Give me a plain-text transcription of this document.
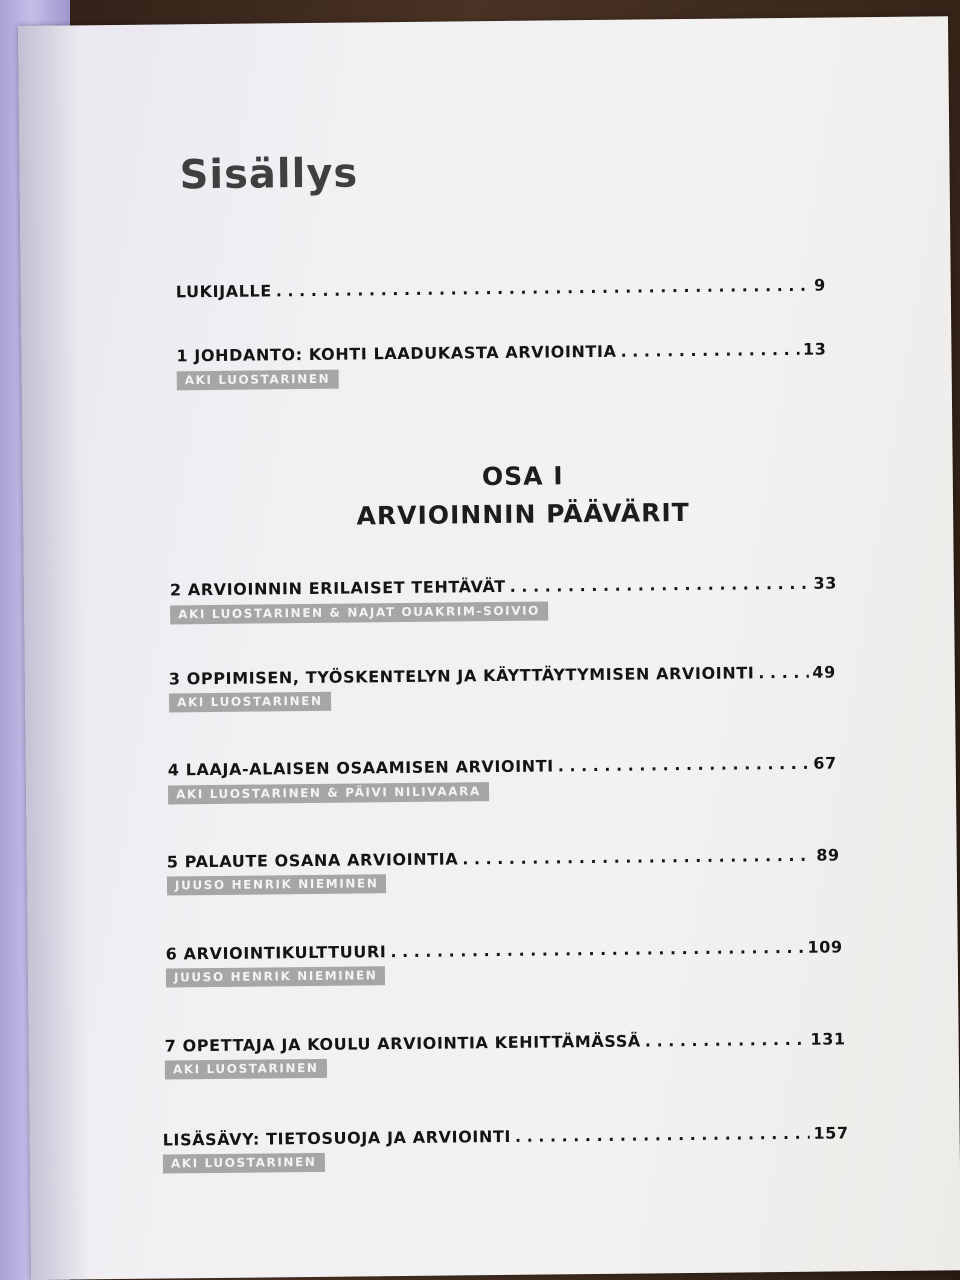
Sisällys
LUKIJALLE . . .	9
1 JOHDANTO: KOHTI LAADUKASTA ARVIOINTIA . . .	13
AKI LUOSTARINEN
OSA I
ARVIOINNIN PÄÄVÄRIT
2 ARVIOINNIN ERILAISET TEHTÄVÄT . . .	33
AKI LUOSTARINEN & NAJAT OUAKRIM-SOIVIO
3 OPPIMISEN, TYÖSKENTELYN JA KÄYTTÄYTYMISEN ARVIOINTI . . .	49
AKI LUOSTARINEN
4 LAAJA-ALAISEN OSAAMISEN ARVIOINTI . . .	67
AKI LUOSTARINEN & PÄIVI NILIVAARA
5 PALAUTE OSANA ARVIOINTIA . . .	89
JUUSO HENRIK NIEMINEN
6 ARVIOINTIKULTTUURI . . .	109
JUUSO HENRIK NIEMINEN
7 OPETTAJA JA KOULU ARVIOINTIA KEHITTÄMÄSSÄ . . .	131
AKI LUOSTARINEN
LISÄSÄVY: TIETOSUOJA JA ARVIOINTI . . .	157
AKI LUOSTARINEN
